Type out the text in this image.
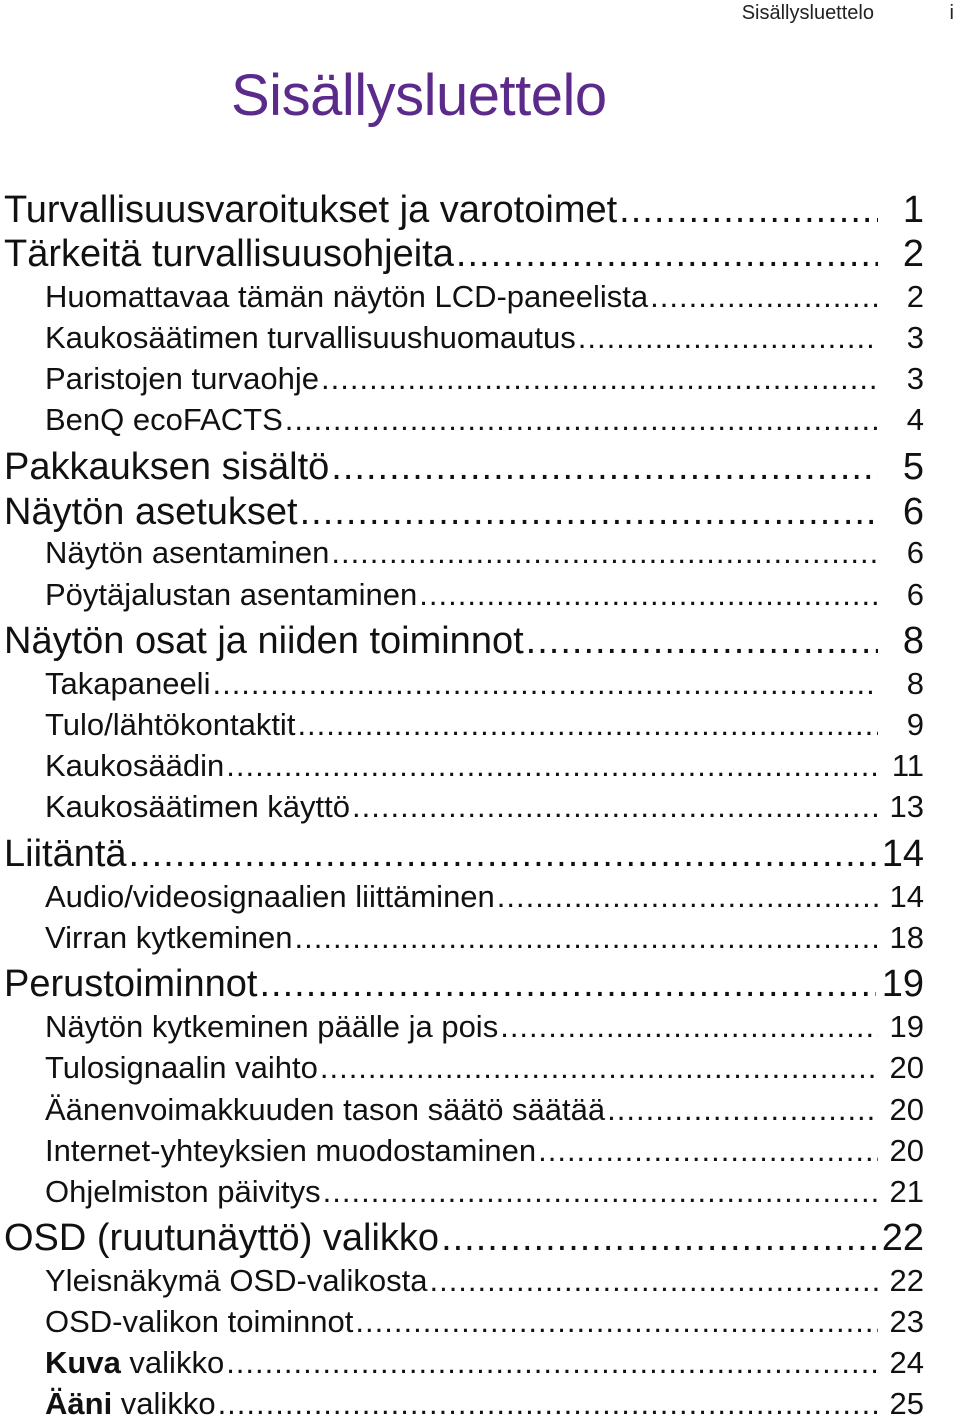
Sisällysluettelo	i
Sisällysluettelo
Turvallisuusvaroitukset ja varotoimet .....	1
Tärkeitä turvallisuusohjeita .....	2
Huomattavaa tämän näytön LCD-paneelista .....	2
Kaukosäätimen turvallisuushuomautus .....	3
Paristojen turvaohje .....	3
BenQ ecoFACTS .....	4
Pakkauksen sisältö .....	5
Näytön asetukset .....	6
Näytön asentaminen .....	6
Pöytäjalustan asentaminen .....	6
Näytön osat ja niiden toiminnot .....	8
Takapaneeli .....	8
Tulo/lähtökontaktit .....	9
Kaukosäädin .....	11
Kaukosäätimen käyttö .....	13
Liitäntä .....	14
Audio/videosignaalien liittäminen .....	14
Virran kytkeminen .....	18
Perustoiminnot .....	19
Näytön kytkeminen päälle ja pois .....	19
Tulosignaalin vaihto .....	20
Äänenvoimakkuuden tason säätö säätää .....	20
Internet-yhteyksien muodostaminen .....	20
Ohjelmiston päivitys .....	21
OSD (ruutunäyttö) valikko .....	22
Yleisnäkymä OSD-valikosta .....	22
OSD-valikon toiminnot .....	23
Kuva valikko .....	24
Ääni valikko .....	25
